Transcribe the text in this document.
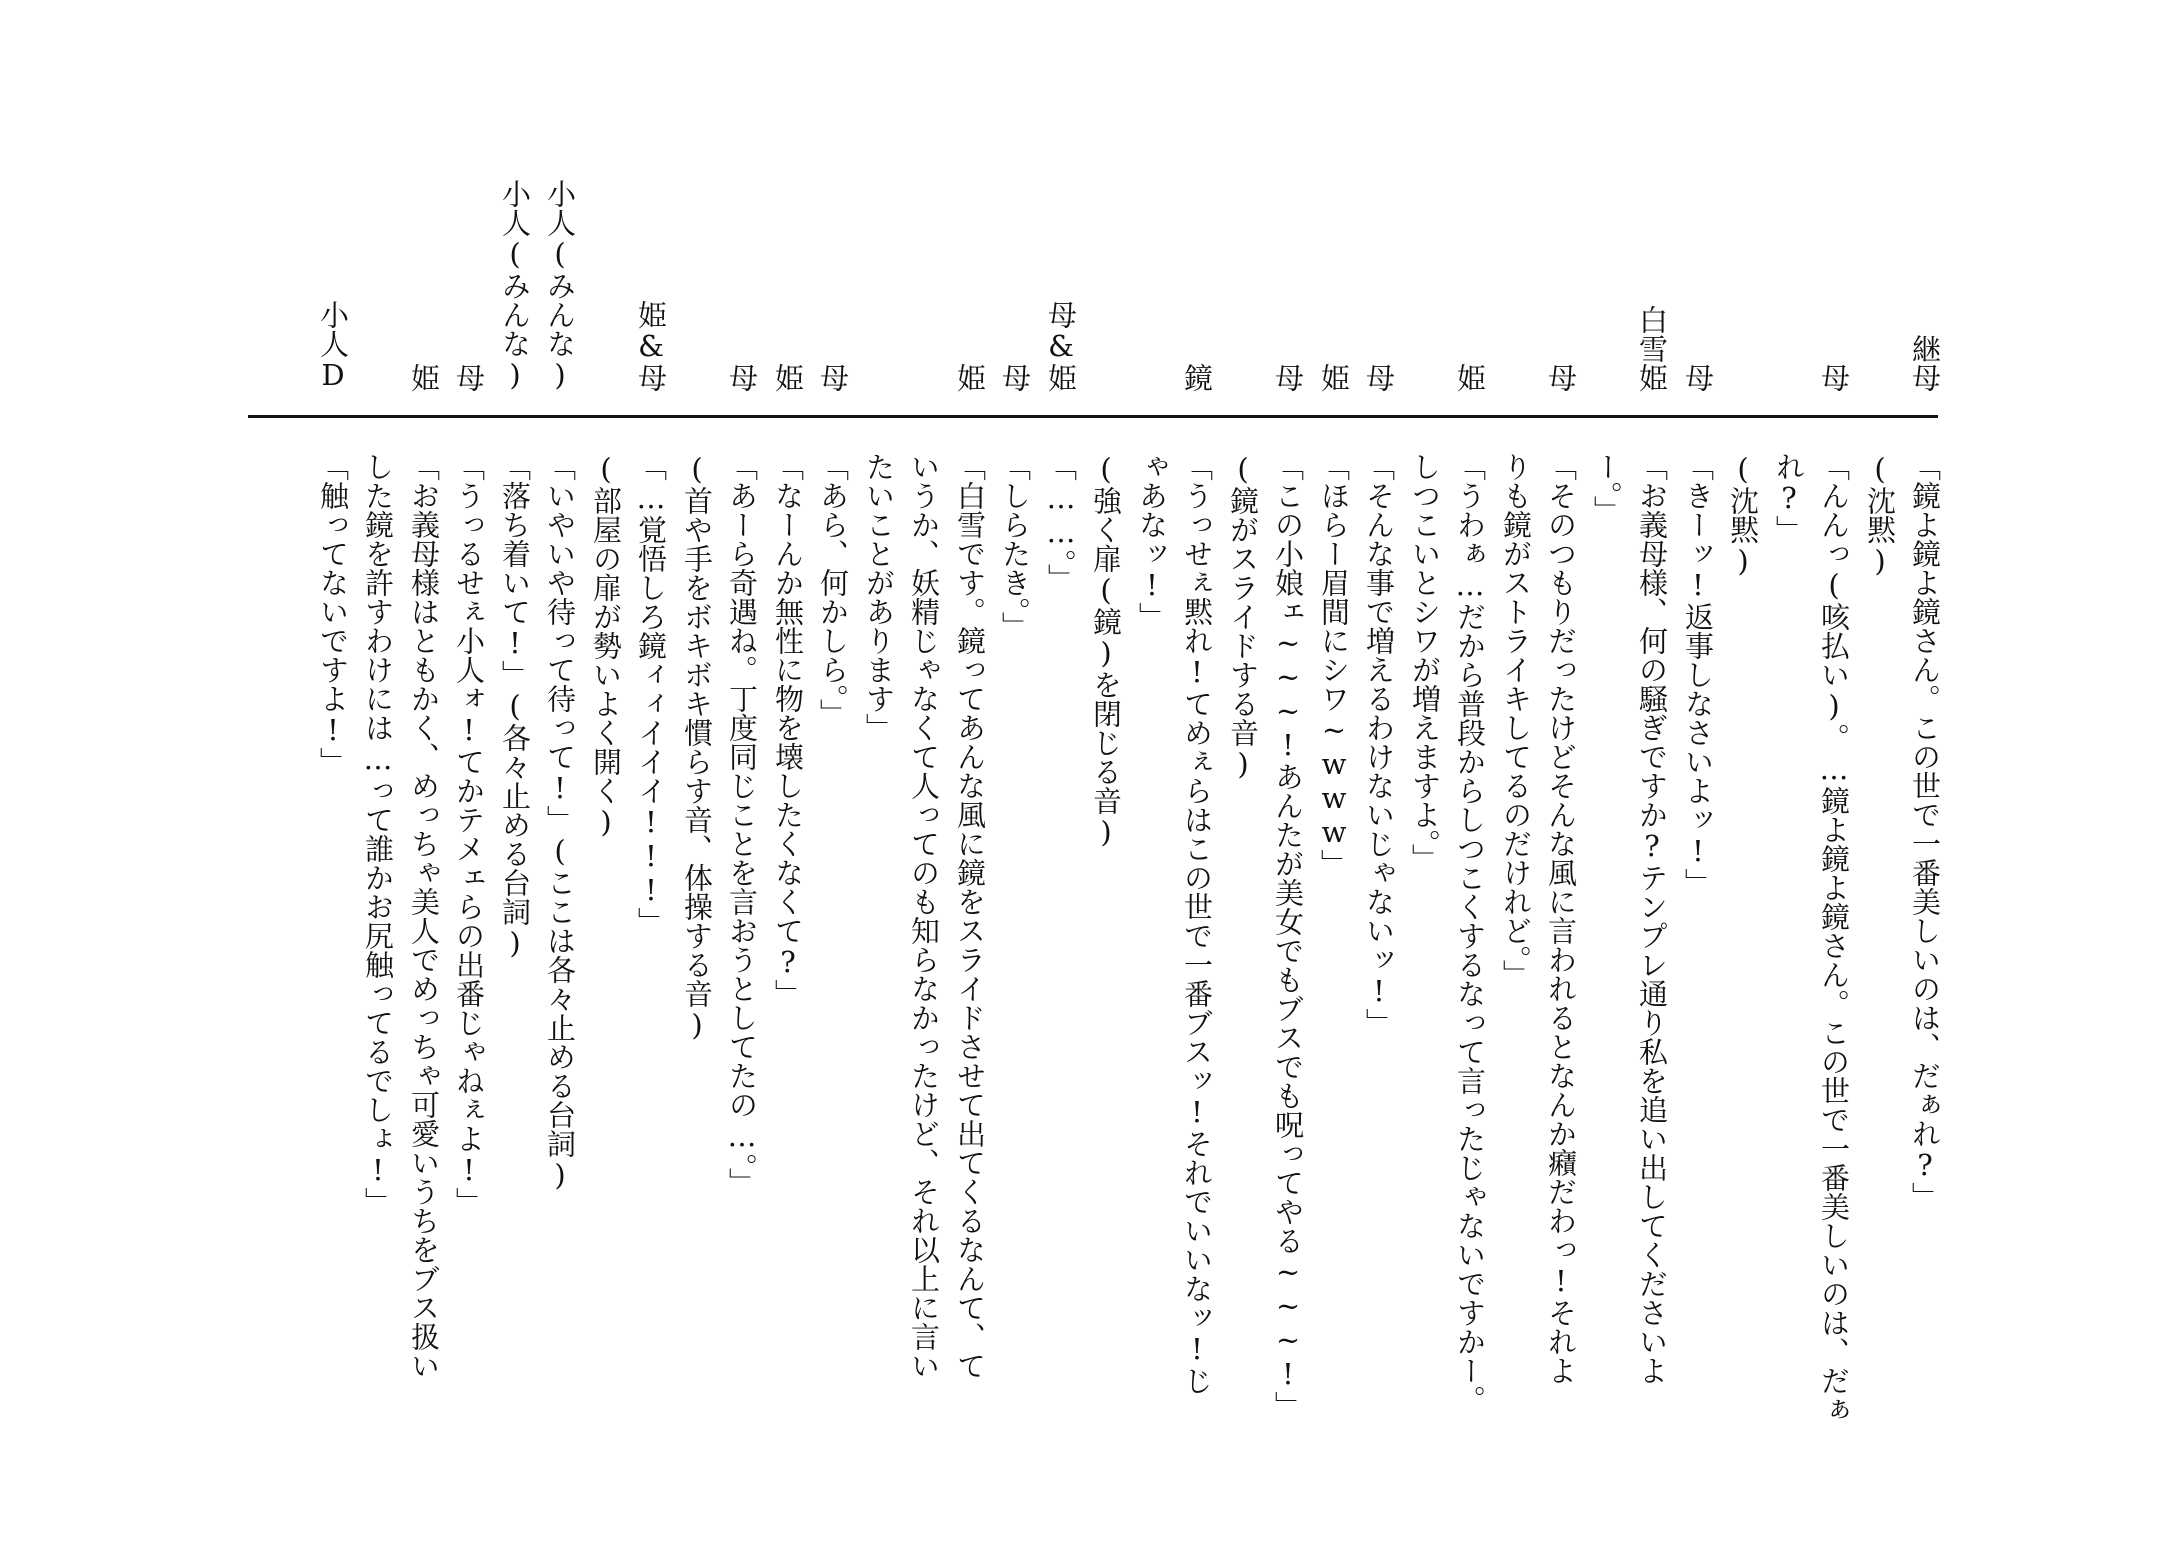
継母
「鏡よ鏡よ鏡さん。この世で一番美しいのは、だぁれ?」
(沈黙)
母
「んんっ(咳払い)。…鏡よ鏡よ鏡さん。この世で一番美しいのは、だぁ
れ?」
(沈黙)
母
「きーッ!返事しなさいよッ!」
白雪姫
「お義母様、何の騒ぎですか?テンプレ通り私を追い出してくださいよ
ー。」
母
「そのつもりだったけどそんな風に言われるとなんか癪だわっ!それよ
りも鏡がストライキしてるのだけれど。」
姫
「うわぁ…だから普段からしつこくするなって言ったじゃないですかー。
しつこいとシワが増えますよ。」
母
「そんな事で増えるわけないじゃないッ!」
姫
「ほらー眉間にシワ~www」
母
「この小娘ェ~~~!あんたが美女でもブスでも呪ってやる~~~!」
(鏡がスライドする音)
鏡
「うっせぇ黙れ!てめぇらはこの世で一番ブスッ!それでいいなッ!じ
ゃあなッ!」
(強く扉(鏡)を閉じる音)
母&姫
「……。」
母
「しらたき。」
姫
「白雪です。鏡ってあんな風に鏡をスライドさせて出てくるなんて、て
いうか、妖精じゃなくて人ってのも知らなかったけど、それ以上に言い
たいことがあります」
母
「あら、何かしら。」
姫
「なーんか無性に物を壊したくなくて?」
母
「あーら奇遇ね。丁度同じことを言おうとしてたの…。」
(首や手をボキボキ慣らす音、体操する音)
姫&母
「…覚悟しろ鏡ィィイイイ!!!」
(部屋の扉が勢いよく開く)
小人(みんな)
「いやいや待って待って!」(ここは各々止める台詞)
小人(みんな)
「落ち着いて!」(各々止める台詞)
母
「うっるせぇ小人ォ!てかテメェらの出番じゃねぇよ!」
姫
「お義母様はともかく、めっちゃ美人でめっちゃ可愛いうちをブス扱い
した鏡を許すわけには…って誰かお尻触ってるでしょ!」
小人D
「触ってないですよ!」
